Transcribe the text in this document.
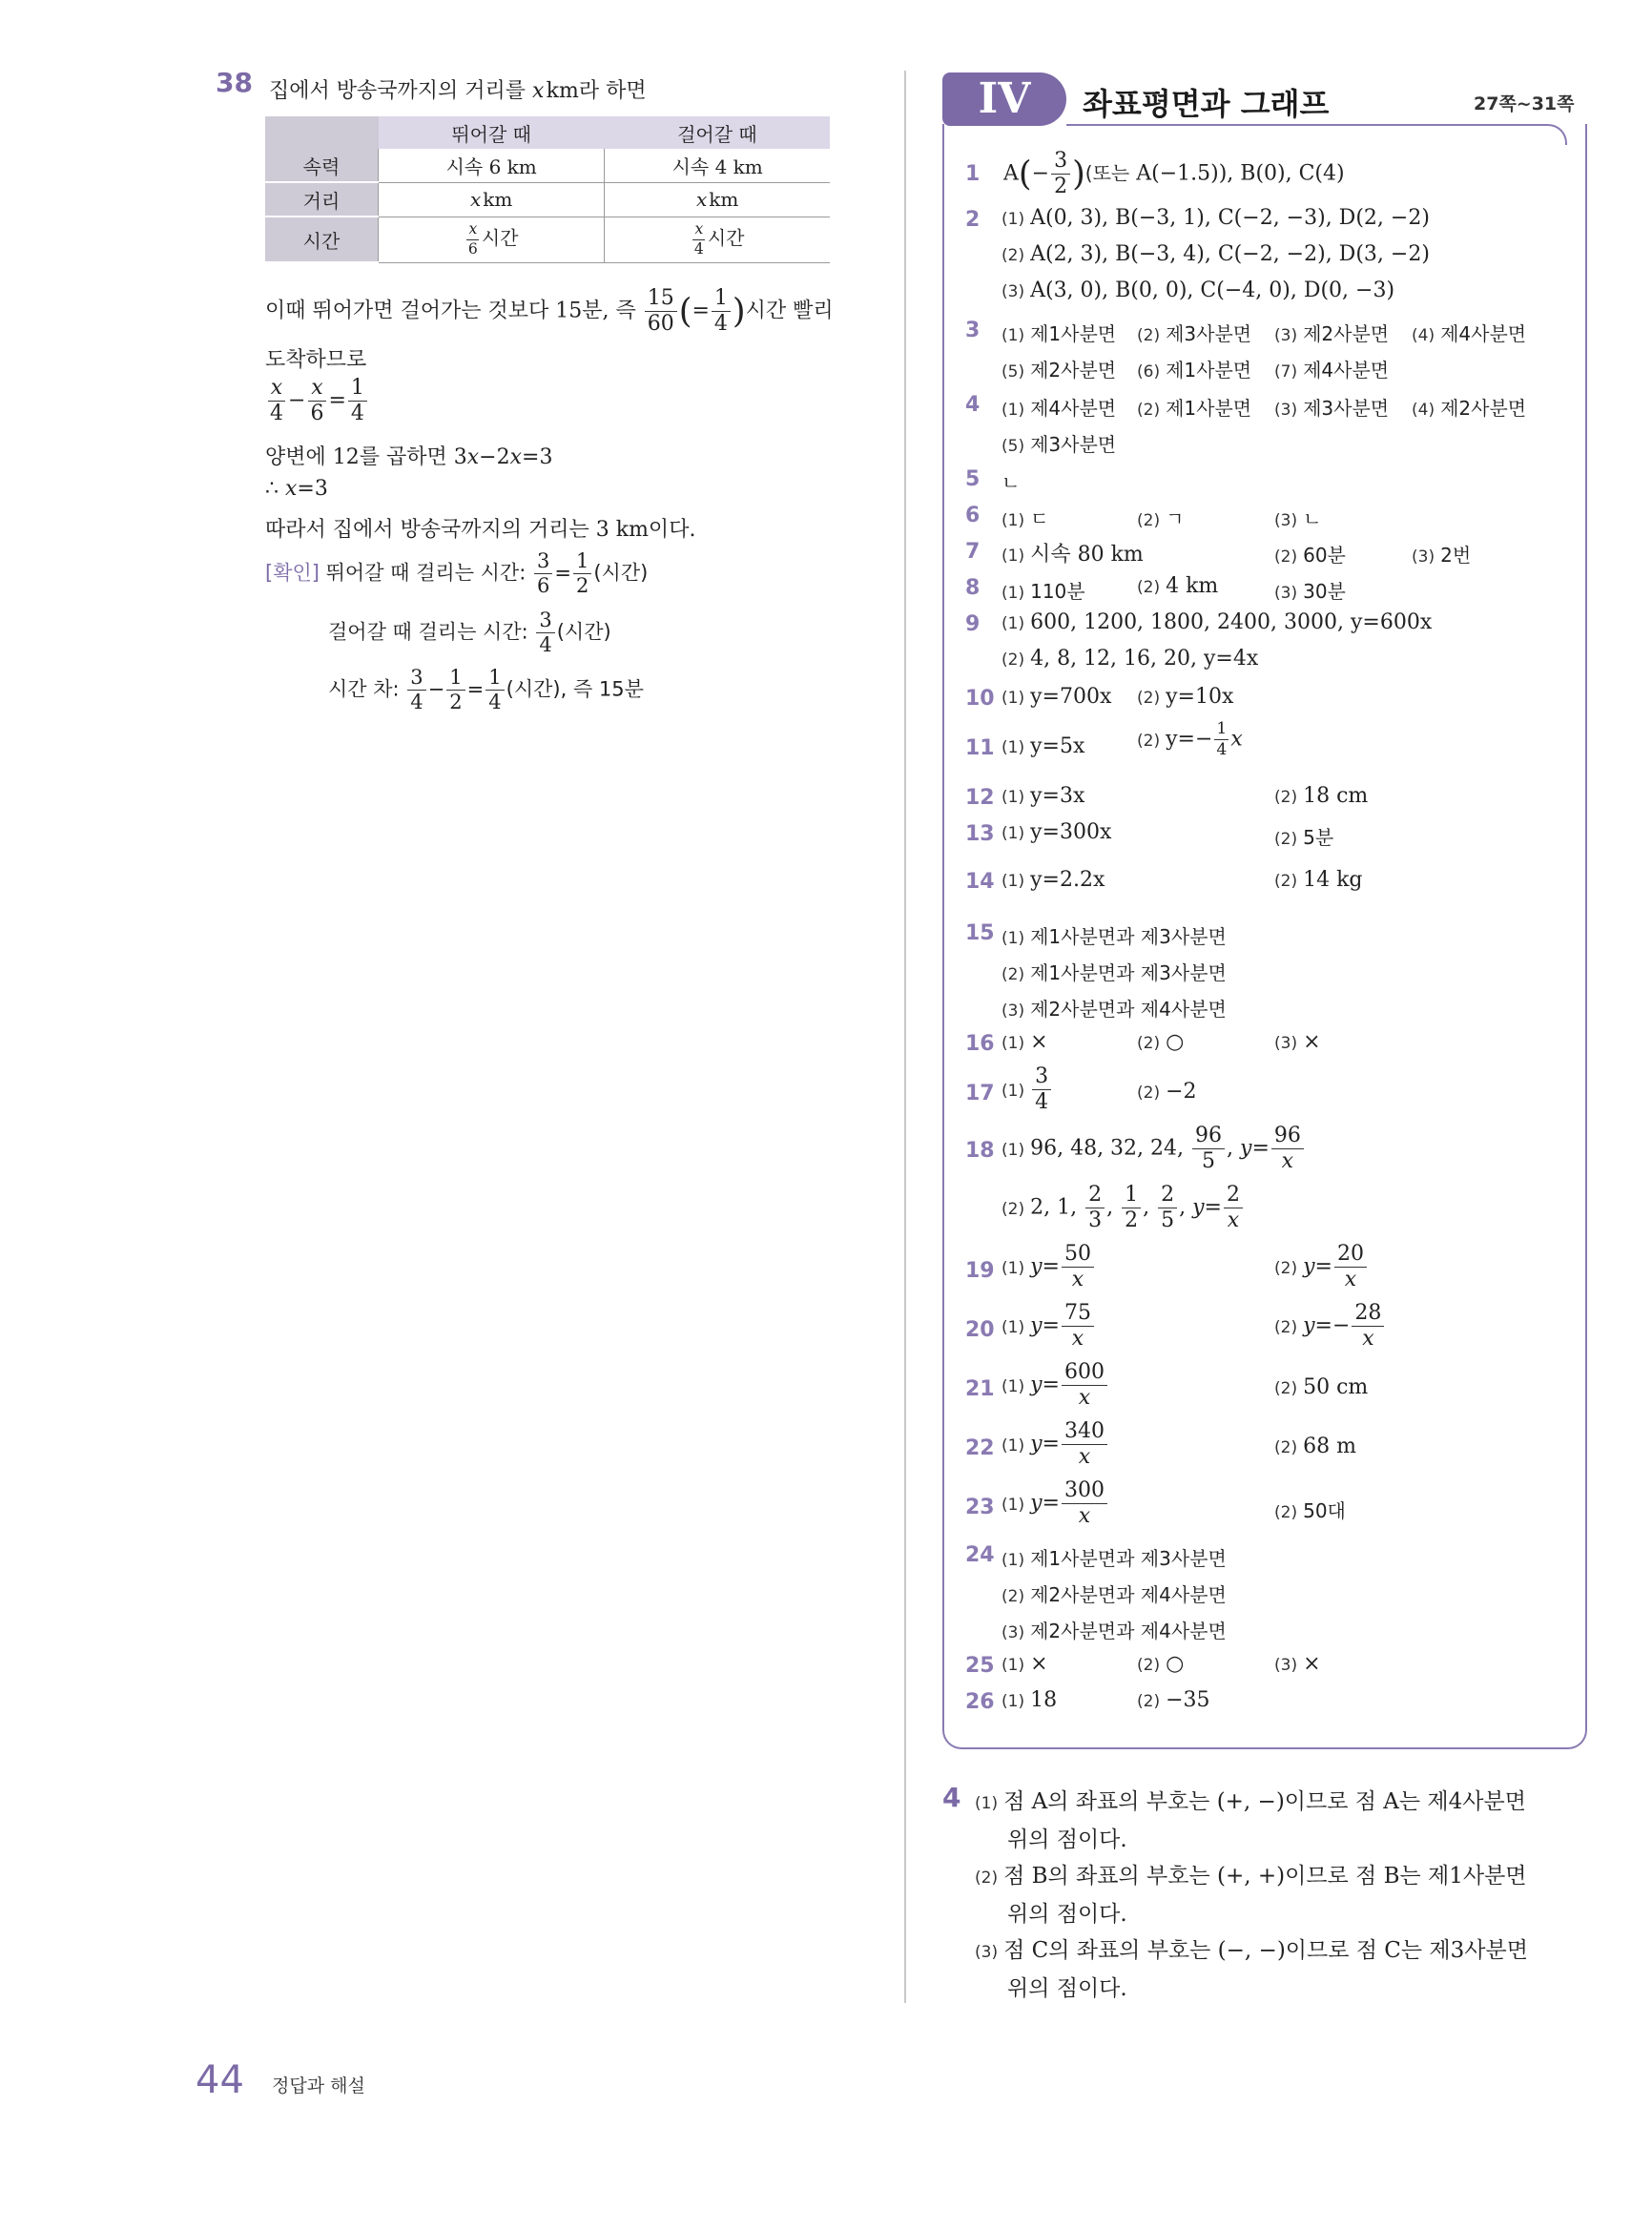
38 집에서 방송국까지의 거리를 x km라 하면
	뛰어갈 때	걸어갈 때
속력	시속 6 km	시속 4 km
거리	x km	x km
시간	$\frac{x}{6}$ 시간	$\frac{x}{4}$ 시간
이때 뛰어가면 걸어가는 것보다 15분, 즉 $\frac{15}{60}$ (= $\frac{1}{4}$ )시간 빨리
도착하므로
$\frac{x}{4} - \frac{x}{6} = \frac{1}{4}$
양변에 12를 곱하면 3x−2x=3
∴ x=3
따라서 집에서 방송국까지의 거리는 3 km이다.
[확인] 뛰어갈 때 걸리는 시간: $\frac{3}{6} = \frac{1}{2}$ (시간)
걸어갈 때 걸리는 시간: $\frac{3}{4}$ (시간)
시간 차: $\frac{3}{4} - \frac{1}{2} = \frac{1}{4}$ (시간), 즉 15분
IV	좌표평면과 그래프	27쪽~31쪽
1 $A(- \frac{3}{2}$ )(또는 A(−1.5)), B(0), C(4)
2 (1) A(0, 3), B(−3, 1), C(−2, −3), D(2, −2)
(2) A(2, 3), B(−3, 4), C(−2, −2), D(3, −2)
(3) A(3, 0), B(0, 0), C(−4, 0), D(0, −3)
3 (1) 제1사분면 (2) 제3사분면 (3) 제2사분면 (4) 제4사분면
(5) 제2사분면 (6) 제1사분면 (7) 제4사분면
4 (1) 제4사분면 (2) 제1사분면 (3) 제3사분면 (4) 제2사분면
(5) 제3사분면
5 ㄴ
6 (1) ㄷ	(2) ㄱ	(3) ㄴ
7 (1) 시속 80 km	(2) 60분	(3) 2번
8 (1) 110분	(2) 4 km	(3) 30분
9 (1) 600, 1200, 1800, 2400, 3000, y=600x
(2) 4, 8, 12, 16, 20, y=4x
10 (1) y=700x (2) y=10x
11 (1) y=5x	(2) $y=- \frac{1}{4}$ x
12 (1) y=3x	(2) 18 cm
13 (1) y=300x	(2) 5분
14 (1) y=2.2x	(2) 14 kg
15 (1) 제1사분면과 제3사분면
(2) 제1사분면과 제3사분면
(3) 제2사분면과 제4사분면
16 (1) ×	(2) ○	(3) ×
17 $(1) \frac{3}{4}$	(2) −2
18 (1) 96, 48, 32, 24, $\frac{96}{5}$ , $y= \frac{96}{x}$
(2) 2, 1, $\frac{2}{3}$ , $\frac{1}{2}$ , $\frac{2}{5}$ , $y= \frac{2}{x}$
19 (1) $y= \frac{50}{x}$	(2) $y= \frac{20}{x}$
20 (1) $y= \frac{75}{x}$	(2) $y=- \frac{28}{x}$
21 (1) $y= \frac{600}{x}$	(2) 50 cm
22 (1) $y= \frac{340}{x}$	(2) 68 m
23 (1) $y= \frac{300}{x}$	(2) 50대
24 (1) 제1사분면과 제3사분면
(2) 제2사분면과 제4사분면
(3) 제2사분면과 제4사분면
25 (1) ×	(2) ○	(3) ×
26 (1) 18	(2) −35
4 (1) 점 A의 좌표의 부호는 (+, −)이므로 점 A는 제4사분면
위의 점이다.
(2) 점 B의 좌표의 부호는 (+, +)이므로 점 B는 제1사분면
위의 점이다.
(3) 점 C의 좌표의 부호는 (−, −)이므로 점 C는 제3사분면
위의 점이다.
44 정답과 해설
